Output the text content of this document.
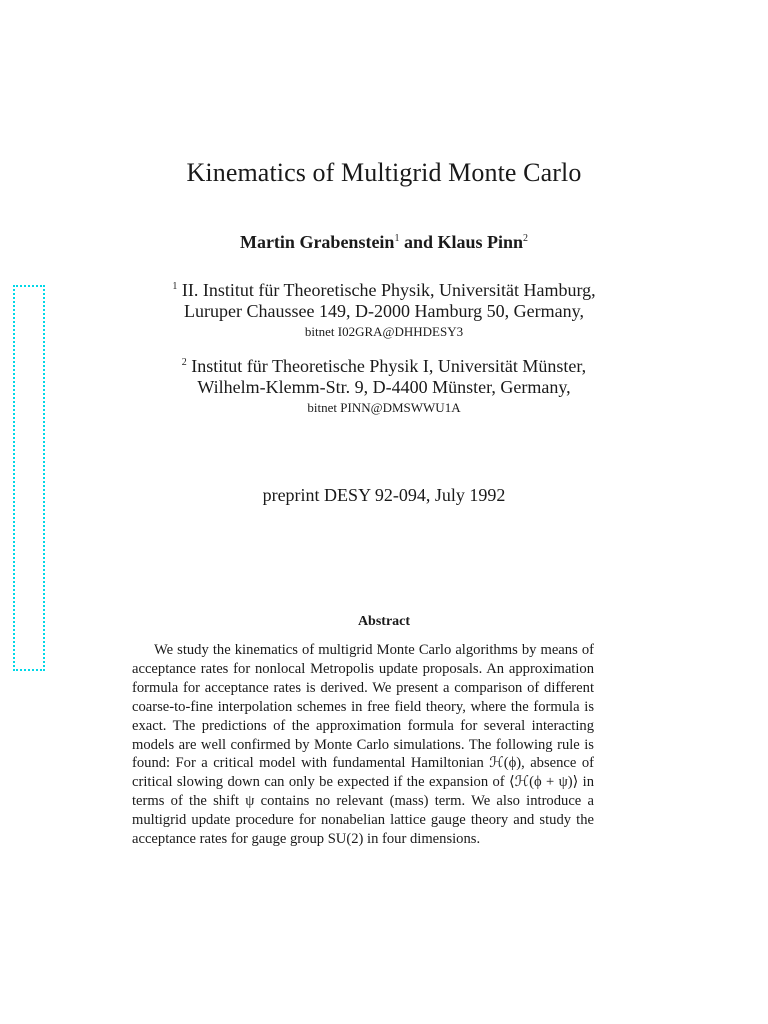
Kinematics of Multigrid Monte Carlo
Martin Grabenstein$^1$ and Klaus Pinn$^2$
$^1$ II. Institut für Theoretische Physik, Universität Hamburg,
Luruper Chaussee 149, D-2000 Hamburg 50, Germany,
bitnet I02GRA@DHHDESY3
$^2$ Institut für Theoretische Physik I, Universität Münster,
Wilhelm-Klemm-Str. 9, D-4400 Münster, Germany,
bitnet PINN@DMSWWU1A
preprint DESY 92-094, July 1992
Abstract

We study the kinematics of multigrid Monte Carlo algorithms by means of acceptance rates for nonlocal Metropolis update proposals. An approximation formula for acceptance rates is derived. We present a comparison of different coarse-to-fine interpolation schemes in free field theory, where the formula is exact. The predictions of the approximation formula for several interacting models are well confirmed by Monte Carlo simulations. The following rule is found: For a critical model with fundamental Hamiltonian ℋ(ϕ), absence of critical slowing down can only be expected if the expansion of ⟨ℋ(ϕ + ψ)⟩ in terms of the shift ψ contains no relevant (mass) term. We also introduce a multigrid update procedure for nonabelian lattice gauge theory and study the acceptance rates for gauge group SU(2) in four dimensions.
